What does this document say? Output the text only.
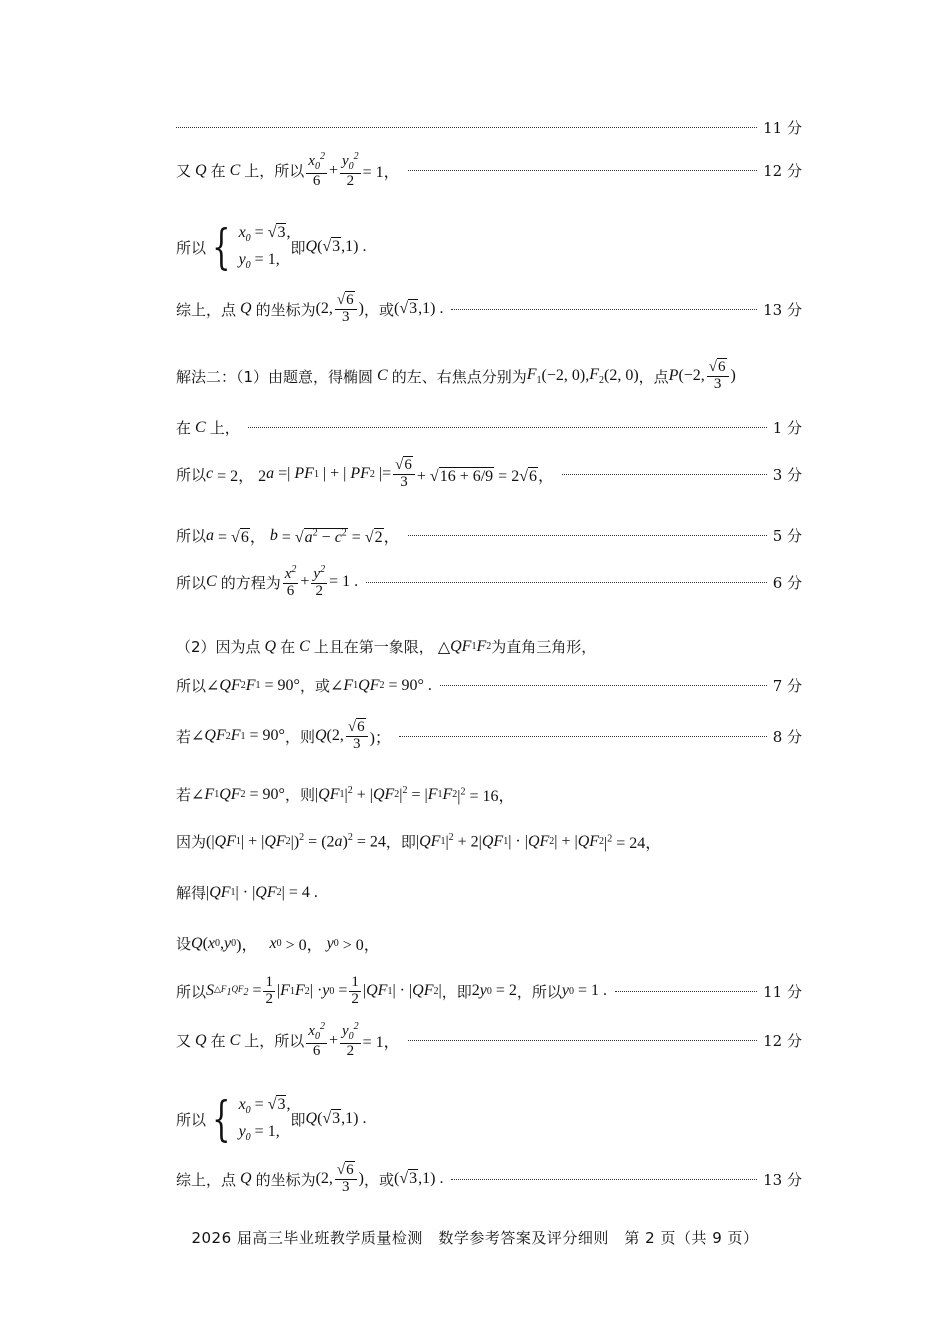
11 分
又 Q 在 C 上，所以 $\frac{x_0^2}{6} + \frac{y_0^2}{2} = 1$，	12 分
所以 { $x_0 = √3$,
$y_0 = 1$,
即 Q (√3,1) .
综上，点 Q 的坐标为 (2, $\frac{√6}{3}$ ) ，或 (√3,1) .	13 分
解法二：（1）由题意，得椭圆 C 的左、右焦点分别为 $F_1$ (−2, 0), $F_2$ (2, 0) ，点 P (−2, $\frac{√6}{3}$ )
在 C 上，	1 分
所以 c = 2， 2 a =| PF 1 | + | PF 2 |= $\frac{√6}{3} + √16 + 6/9 = 2√6$，	3 分
所以 a = √6， $b = √a^2 - c^2 = √2$，	5 分
所以 C 的方程为 $\frac{x^2}{6} + \frac{y^2}{2} = 1$ .	6 分
（2）因为点 Q 在 C 上且在第一象限， △ QF 1 F 2 为直角三角形，
所以 ∠ QF 2 F 1 = 90° ，或 ∠ F 1 QF 2 = 90° .	7 分
若 ∠ QF 2 F 1 = 90° ，则 Q (2, $\frac{√6}{3}$ )；	8 分
若 ∠ F 1 QF 2 = 90° ，则 | QF 1 $|^2$ + | QF 2 $|^2$ = | F 1 F 2 $|^2 = 16$，
因为 (| QF 1 | + | QF 2 |)$^2$ = (2 a )$^2$ = 24 ，即 | QF 1 $|^2 + 2|$ QF 1 | · | QF 2 | + | QF 2 $|^2 = 24$，
解得 | QF 1 | · | QF 2 | = 4 .
设 Q ( x 0 , y 0 )， x 0 > 0， y 0 > 0，
所以 S $\triangle F_1QF_2 = \frac{1}{2}$ | F 1 F 2 | · y $0 = \frac{1}{2}$ | QF 1 | · | QF 2 | ，即 2 y 0 = 2 ，所以 y 0 = 1 .	11 分
又 Q 在 C 上，所以 $\frac{x_0^2}{6} + \frac{y_0^2}{2} = 1$，	12 分
所以 { $x_0 = √3$,
$y_0 = 1$,
即 Q (√3,1) .
综上，点 Q 的坐标为 (2, $\frac{√6}{3}$ ) ，或 (√3,1) .	13 分
2026 届高三毕业班教学质量检测　数学参考答案及评分细则　第 2 页（共 9 页）
